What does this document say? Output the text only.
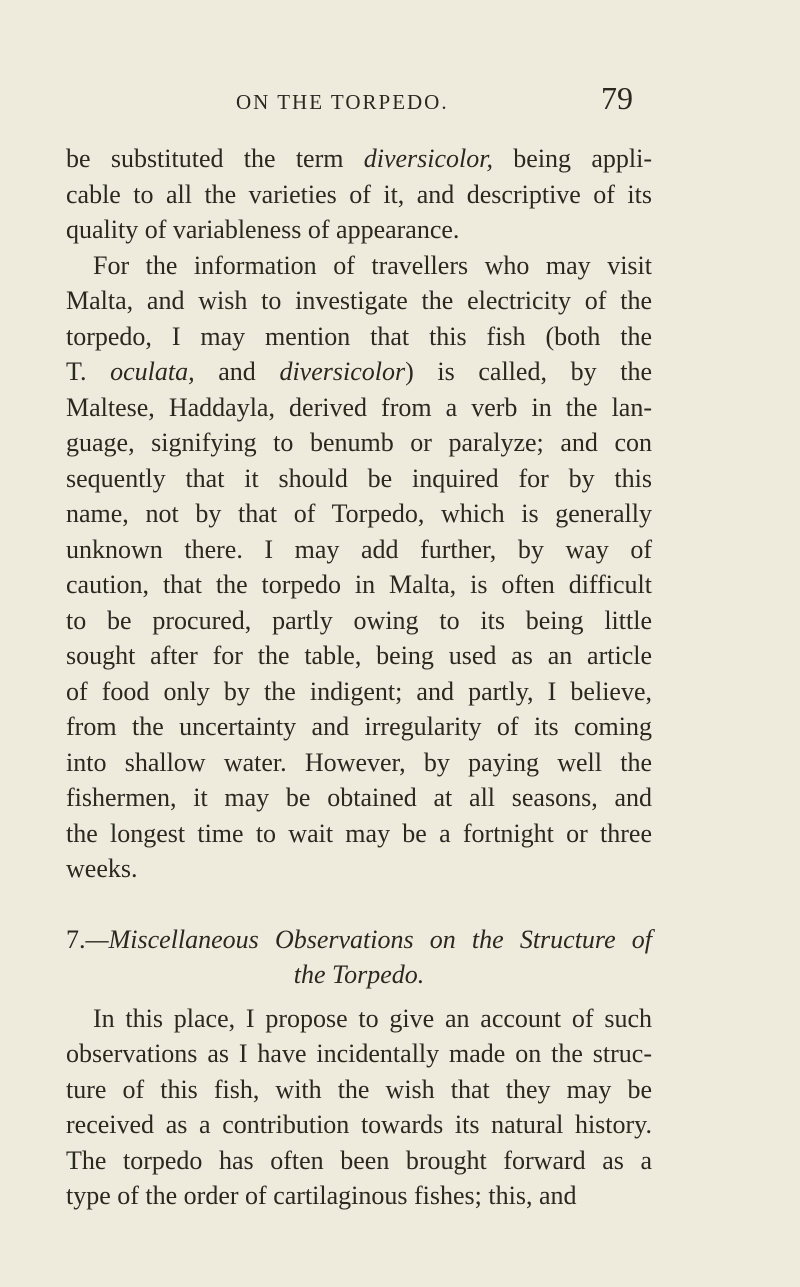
ON THE TORPEDO.	79
be substituted the term diversicolor, being appli-
cable to all the varieties of it, and descriptive of its
quality of variableness of appearance.
For the information of travellers who may visit
Malta, and wish to investigate the electricity of the
torpedo, I may mention that this fish (both the
T. oculata, and diversicolor) is called, by the
Maltese, Haddayla, derived from a verb in the lan-
guage, signifying to benumb or paralyze; and con
sequently that it should be inquired for by this
name, not by that of Torpedo, which is generally
unknown there. I may add further, by way of
caution, that the torpedo in Malta, is often difficult
to be procured, partly owing to its being little
sought after for the table, being used as an article
of food only by the indigent; and partly, I believe,
from the uncertainty and irregularity of its coming
into shallow water. However, by paying well the
fishermen, it may be obtained at all seasons, and
the longest time to wait may be a fortnight or three
weeks.
7.—Miscellaneous Observations on the Structure of
the Torpedo.
In this place, I propose to give an account of such
observations as I have incidentally made on the struc-
ture of this fish, with the wish that they may be
received as a contribution towards its natural history.
The torpedo has often been brought forward as a
type of the order of cartilaginous fishes; this, and
